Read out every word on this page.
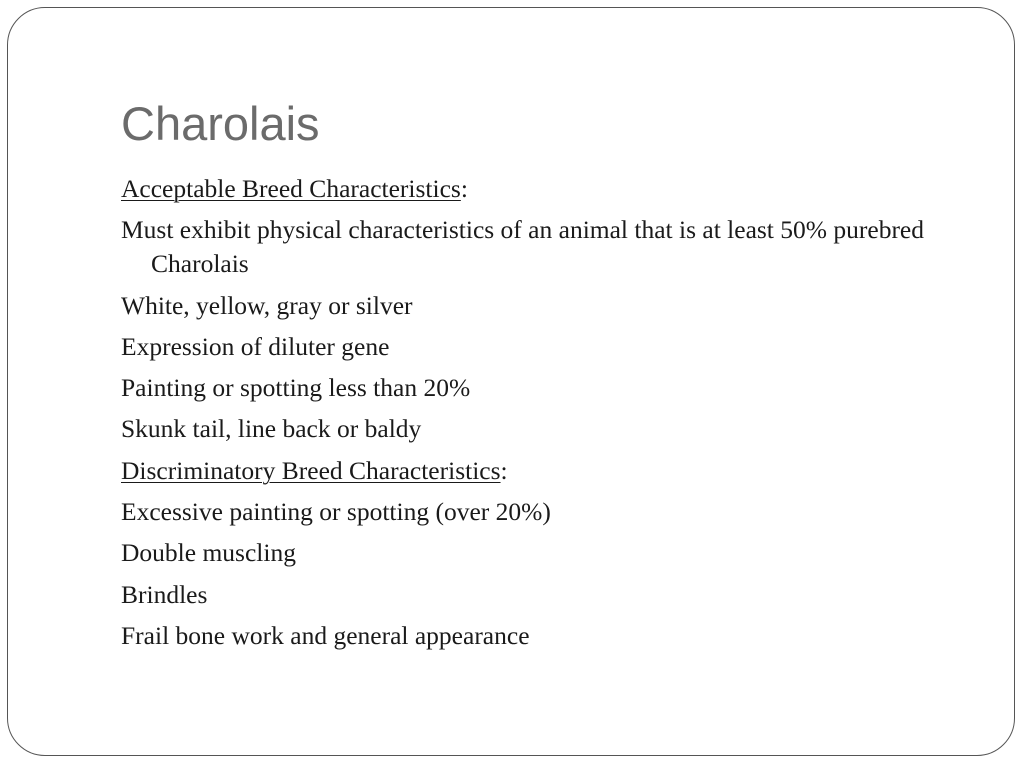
Charolais
Acceptable Breed Characteristics:
Must exhibit physical characteristics of an animal that is at least 50% purebred Charolais
White, yellow, gray or silver
Expression of diluter gene
Painting or spotting less than 20%
Skunk tail, line back or baldy
Discriminatory Breed Characteristics:
Excessive painting or spotting (over 20%)
Double muscling
Brindles
Frail bone work and general appearance
